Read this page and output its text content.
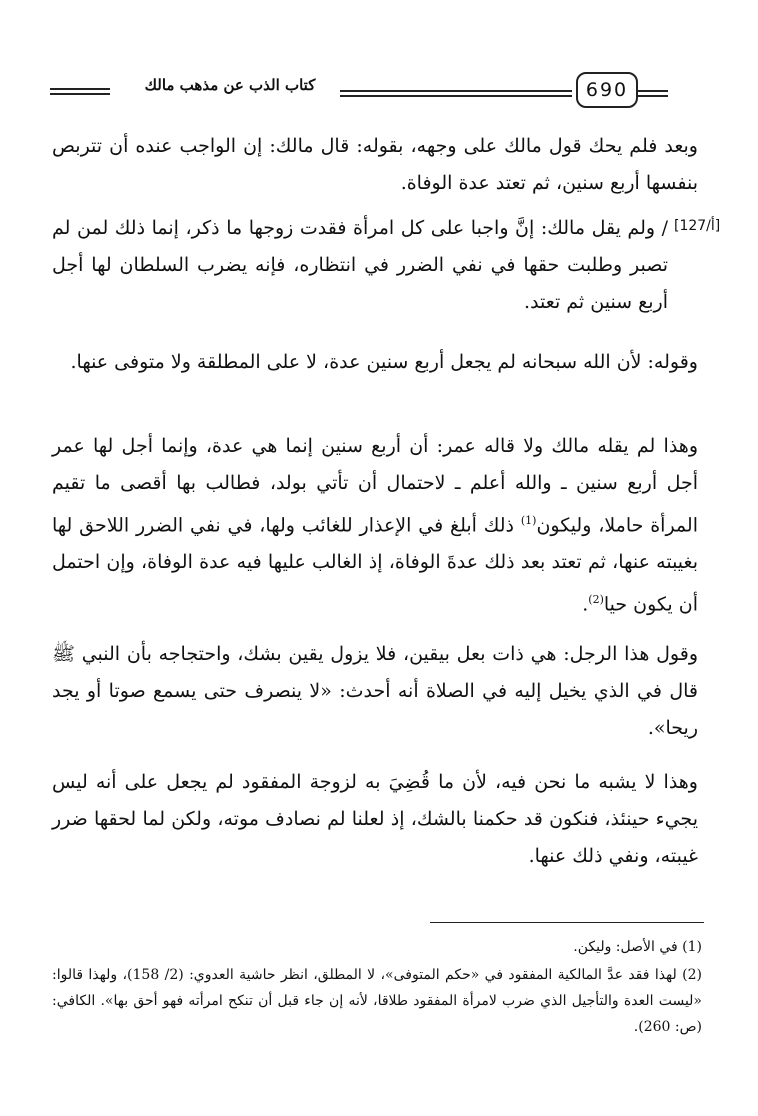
كتاب الذب عن مذهب مالك	690
وبعد فلم يحك قول مالك على وجهه، بقوله: قال مالك: إن الواجب عنده أن تتربص بنفسها أربع سنين، ثم تعتد عدة الوفاة.
[127/أ]
/ ولم يقل مالك: إنَّ واجبا على كل امرأة فقدت زوجها ما ذكر، إنما ذلك لمن لم تصبر وطلبت حقها في نفي الضرر في انتظاره، فإنه يضرب السلطان لها أجل أربع سنين ثم تعتد.
وقوله: لأن الله سبحانه لم يجعل أربع سنين عدة، لا على المطلقة ولا متوفى عنها.
وهذا لم يقله مالك ولا قاله عمر: أن أربع سنين إنما هي عدة، وإنما أجل لها عمر أجل أربع سنين ـ والله أعلم ـ لاحتمال أن تأتي بولد، فطالب بها أقصى ما تقيم المرأة حاملا، وليكون$^{(1)}$ ذلك أبلغ في الإعذار للغائب ولها، في نفي الضرر اللاحق لها بغيبته عنها، ثم تعتد بعد ذلك عدةَ الوفاة، إذ الغالب عليها فيه عدة الوفاة، وإن احتمل أن يكون حيا$^{(2)}$.
وقول هذا الرجل: هي ذات بعل بيقين، فلا يزول يقين بشك، واحتجاجه بأن النبي ﷺ قال في الذي يخيل إليه في الصلاة أنه أحدث: «لا ينصرف حتى يسمع صوتا أو يجد ريحا».
وهذا لا يشبه ما نحن فيه، لأن ما قُضِيَ به لزوجة المفقود لم يجعل على أنه ليس يجيء حينئذ، فنكون قد حكمنا بالشك، إذ لعلنا لم نصادف موته، ولكن لما لحقها ضرر غيبته، ونفي ذلك عنها.
(1) في الأصل: وليكن.
(2) لهذا فقد عدَّ المالكية المفقود في «حكم المتوفى»، لا المطلق، انظر حاشية العدوي: (2/ 158)، ولهذا قالوا: «ليست العدة والتأجيل الذي ضرب لامرأة المفقود طلاقا، لأنه إن جاء قبل أن تنكح امرأته فهو أحق بها». الكافي: (ص: 260).
